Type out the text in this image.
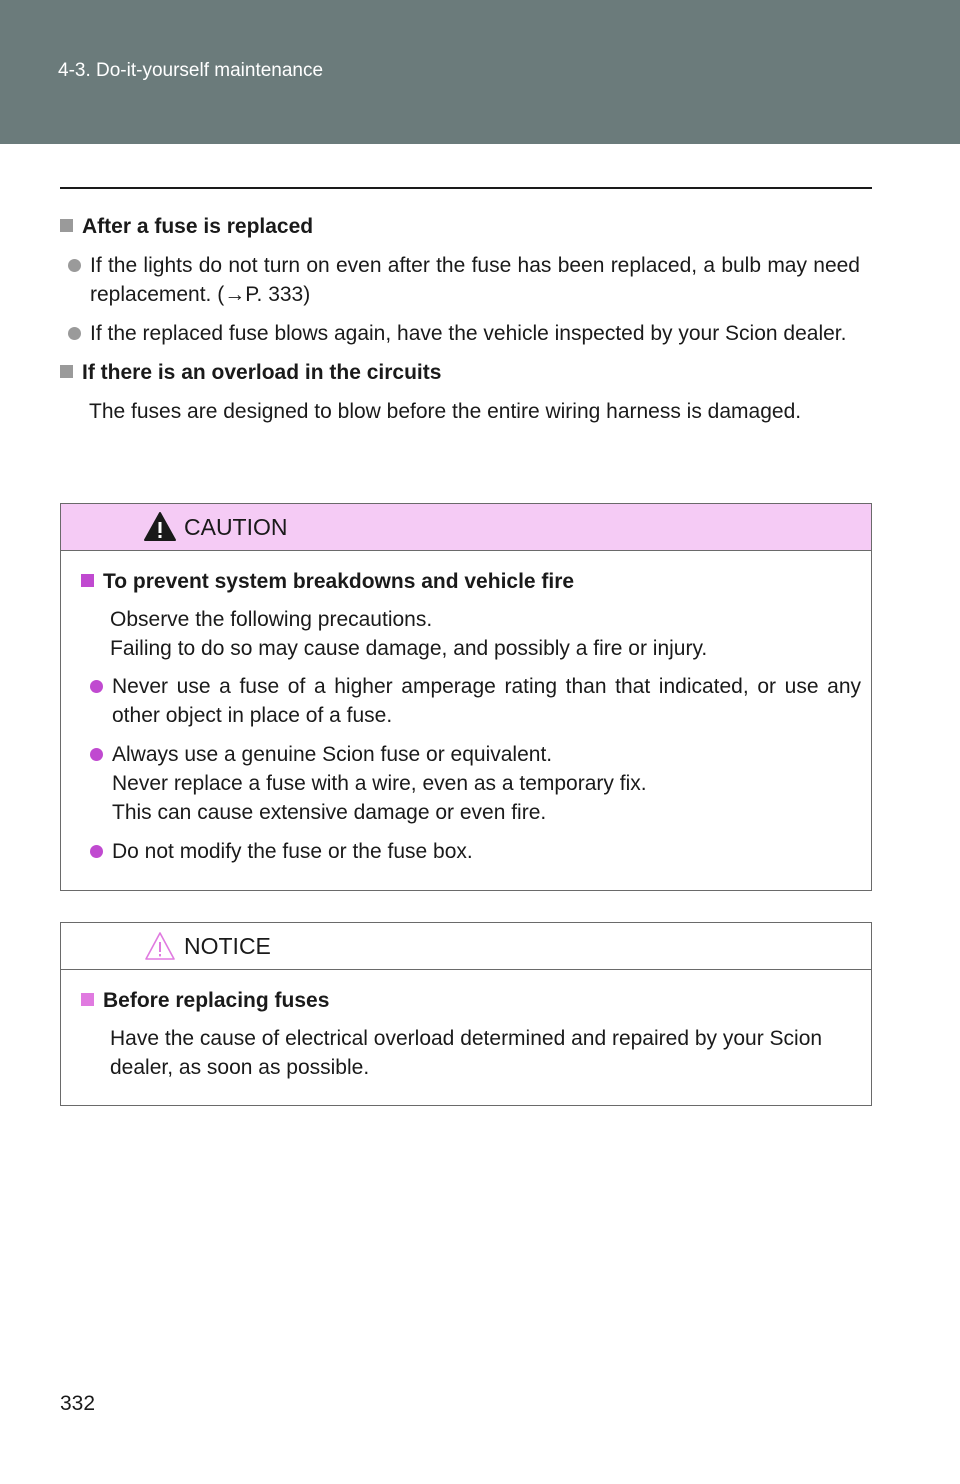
4-3. Do-it-yourself maintenance
After a fuse is replaced
If the lights do not turn on even after the fuse has been replaced, a bulb may need replacement. (→P. 333)
If the replaced fuse blows again, have the vehicle inspected by your Scion dealer.
If there is an overload in the circuits
The fuses are designed to blow before the entire wiring harness is damaged.
CAUTION
To prevent system breakdowns and vehicle fire
Observe the following precautions.
Failing to do so may cause damage, and possibly a fire or injury.
Never use a fuse of a higher amperage rating than that indicated, or use any other object in place of a fuse.
Always use a genuine Scion fuse or equivalent.
Never replace a fuse with a wire, even as a temporary fix.
This can cause extensive damage or even fire.
Do not modify the fuse or the fuse box.
NOTICE
Before replacing fuses
Have the cause of electrical overload determined and repaired by your Scion dealer, as soon as possible.
332
